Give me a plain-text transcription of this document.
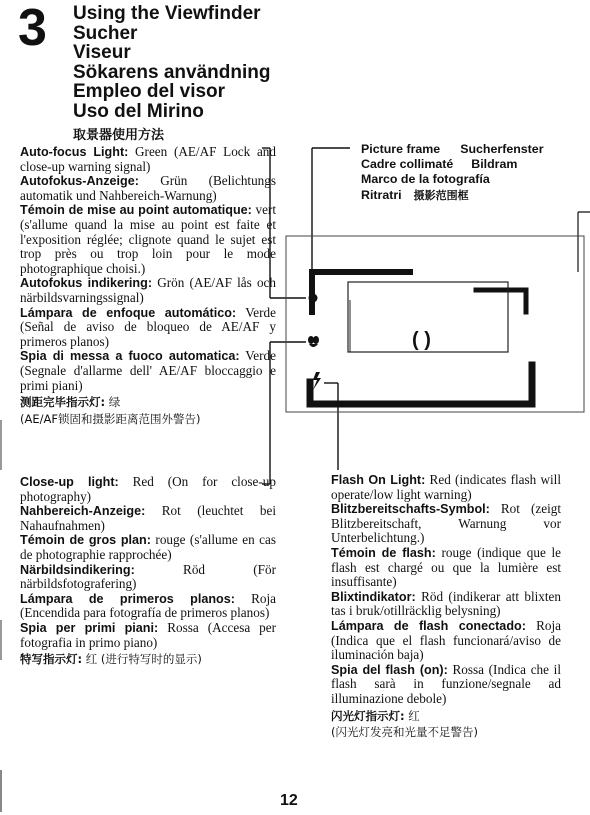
3 Using the Viewfinder
Sucher
Viseur
Sökarens användning
Empleo del visor
Uso del Mirino
取景器使用方法

Auto-focus Light: Green (AE/AF Lock and close-up warning signal)

Autofokus-Anzeige: Grün (Belichtungs automatik und Nahbereich-Warnung)

Témoin de mise au point automatique: vert (s'allume quand la mise au point est faite et l'exposition réglée; clignote quand le sujet est trop près ou trop loin pour le mode photographique choisi.)

Autofokus indikering: Grön (AE/AF lås och närbildsvarningssignal)

Lámpara de enfoque automático: Verde (Señal de aviso de bloqueo de AE/AF y primeros planos)

Spia di messa a fuoco automatica: Verde (Segnale d'allarme dell' AE/AF bloccaggio e primi piani)

测距完毕指示灯: 绿

(AE/AF锁固和摄影距离范围外警告)

Close-up light: Red (On for close-up photography)

Nahbereich-Anzeige: Rot (leuchtet bei Nahaufnahmen)

Témoin de gros plan: rouge (s'allume en cas de photographie rapprochée)

Närbildsindikering:	Röd (För närbildsfotografering)

Lámpara de primeros planos: Roja (Encendida para fotografía de primeros planos)

Spia per primi piani: Rossa (Accesa per fotografia in primo piano)

特写指示灯: 红 (进行特写时的显示)

Picture frame Sucherfenster
Cadre collimaté Bildram
Marco de la fotografía
Ritratri 摄影范围框
( )

Flash On Light: Red (indicates flash will operate/low light warning)

Blitzbereitschafts-Symbol: Rot (zeigt Blitzbereitschaft, Warnung vor Unterbelichtung.)

Témoin de flash: rouge (indique que le flash est chargé ou que la lumière est insuffisante)

Blixtindikator: Röd (indikerar att blixten tas i bruk/otillräcklig belysning)

Lámpara de flash conectado: Roja (Indica que el flash funcionará/aviso de iluminación baja)

Spia del flash (on): Rossa (Indica che il flash sarà in funzione/segnale ad illuminazione debole)

闪光灯指示灯: 红

(闪光灯发亮和光量不足警告)

12
